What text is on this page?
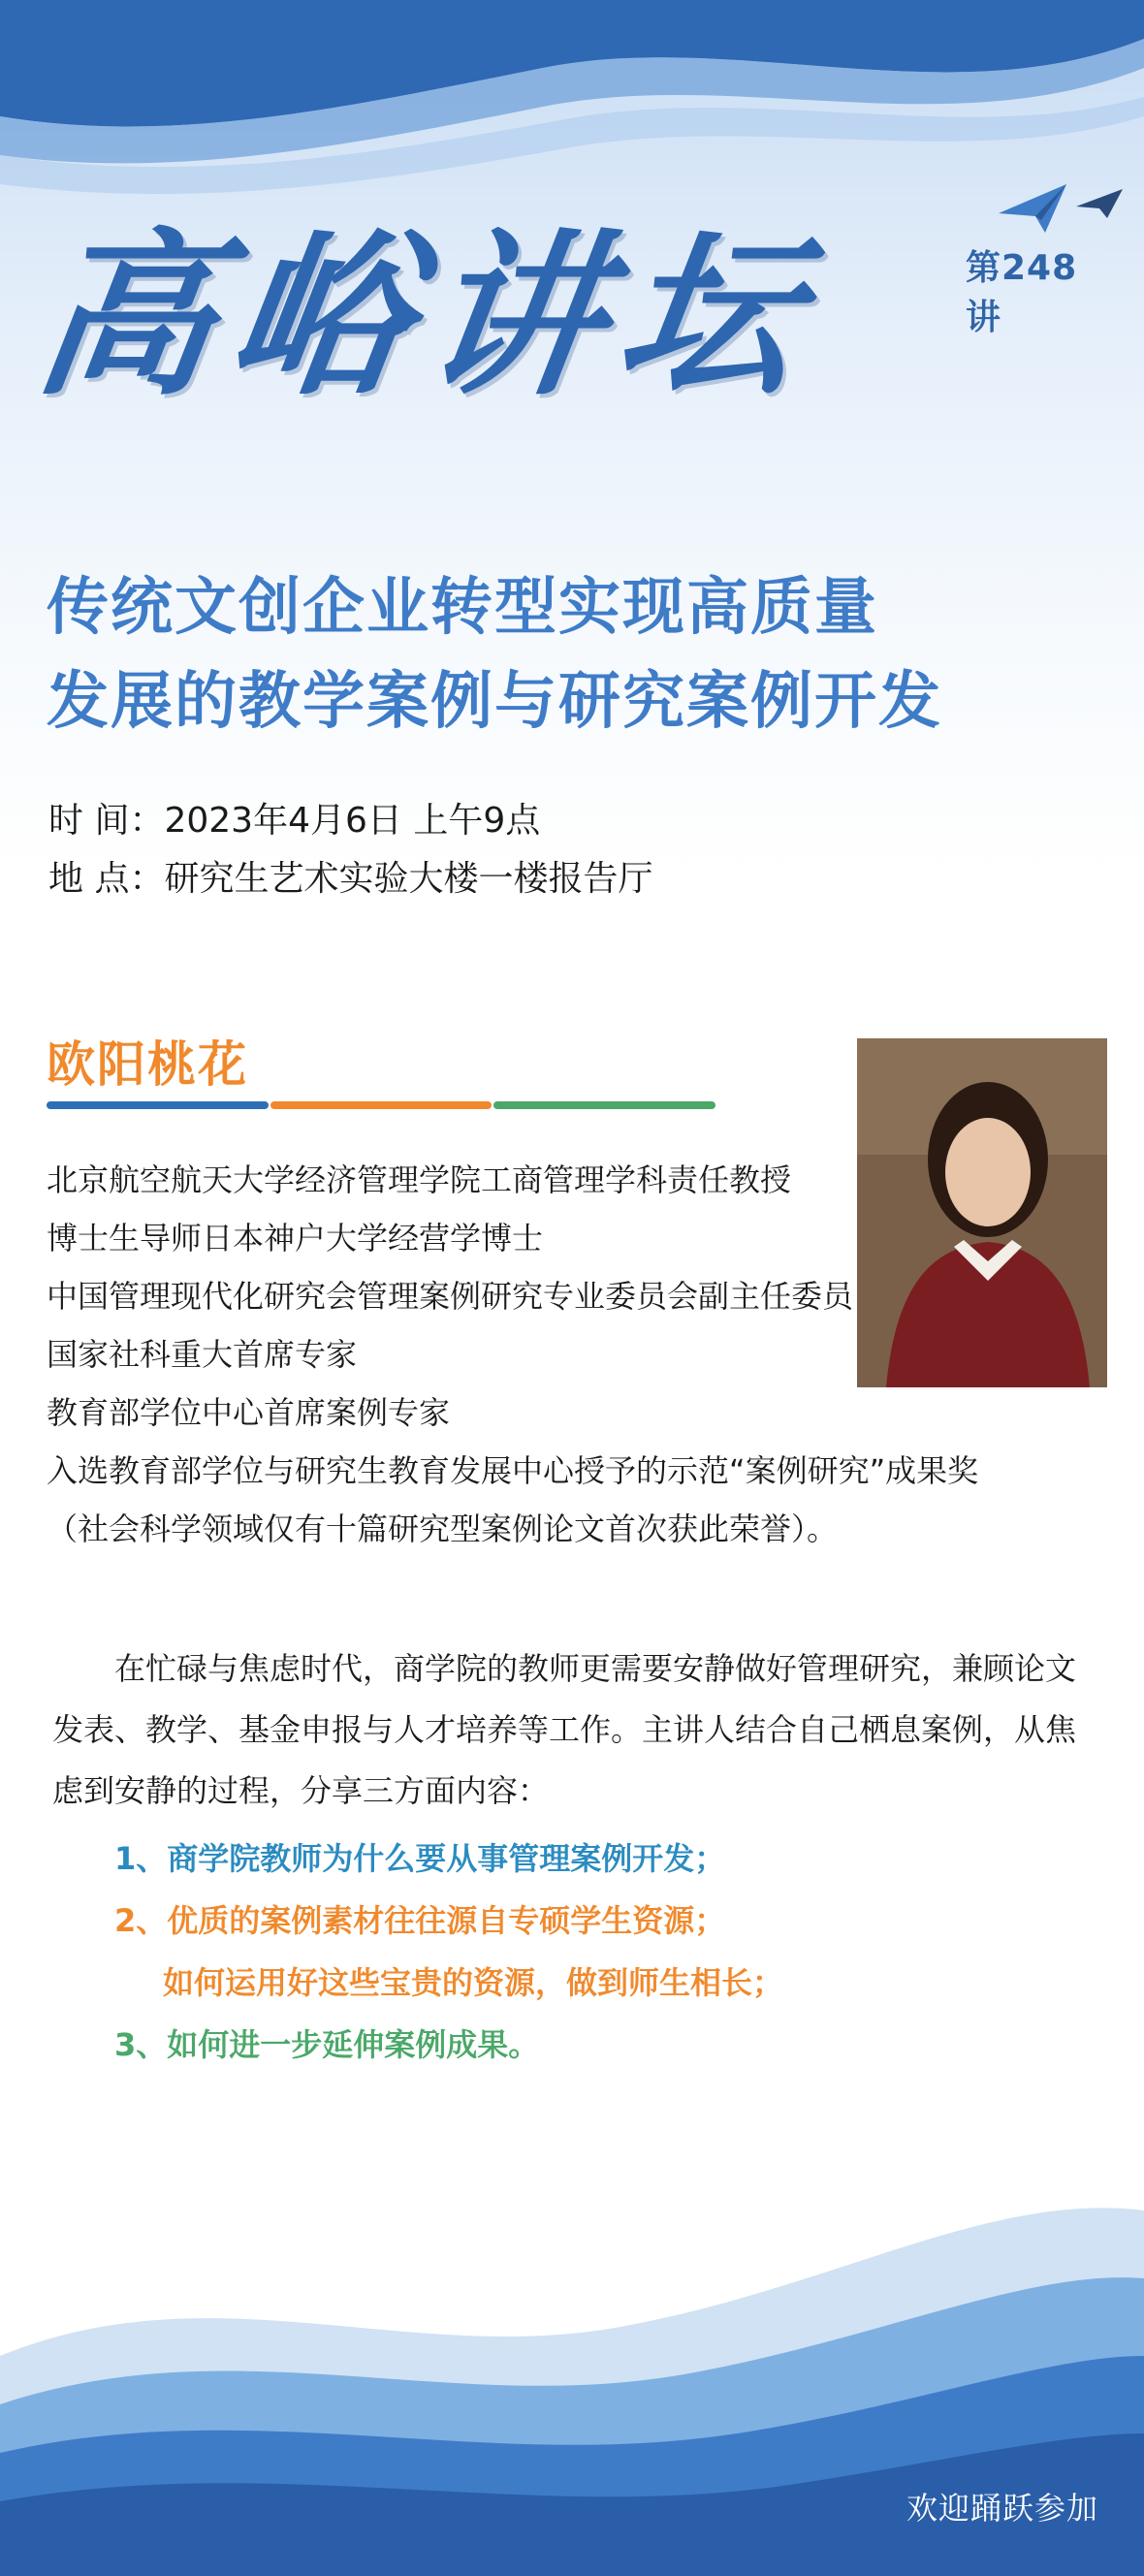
第248讲
高峪讲坛
传统文创企业转型实现高质量
发展的教学案例与研究案例开发
时 间：2023年4月6日 上午9点
地 点：研究生艺术实验大楼一楼报告厅
欧阳桃花
北京航空航天大学经济管理学院工商管理学科责任教授
博士生导师日本神户大学经营学博士
中国管理现代化研究会管理案例研究专业委员会副主任委员
国家社科重大首席专家
教育部学位中心首席案例专家
入选教育部学位与研究生教育发展中心授予的示范“案例研究”成果奖
（社会科学领域仅有十篇研究型案例论文首次获此荣誉）。

在忙碌与焦虑时代，商学院的教师更需要安静做好管理研究，兼顾论文

发表、教学、基金申报与人才培养等工作。主讲人结合自己栖息案例，从焦

虑到安静的过程，分享三方面内容：

1、商学院教师为什么要从事管理案例开发；
2、优质的案例素材往往源自专硕学生资源；
如何运用好这些宝贵的资源，做到师生相长；
3、如何进一步延伸案例成果。
欢迎踊跃参加
